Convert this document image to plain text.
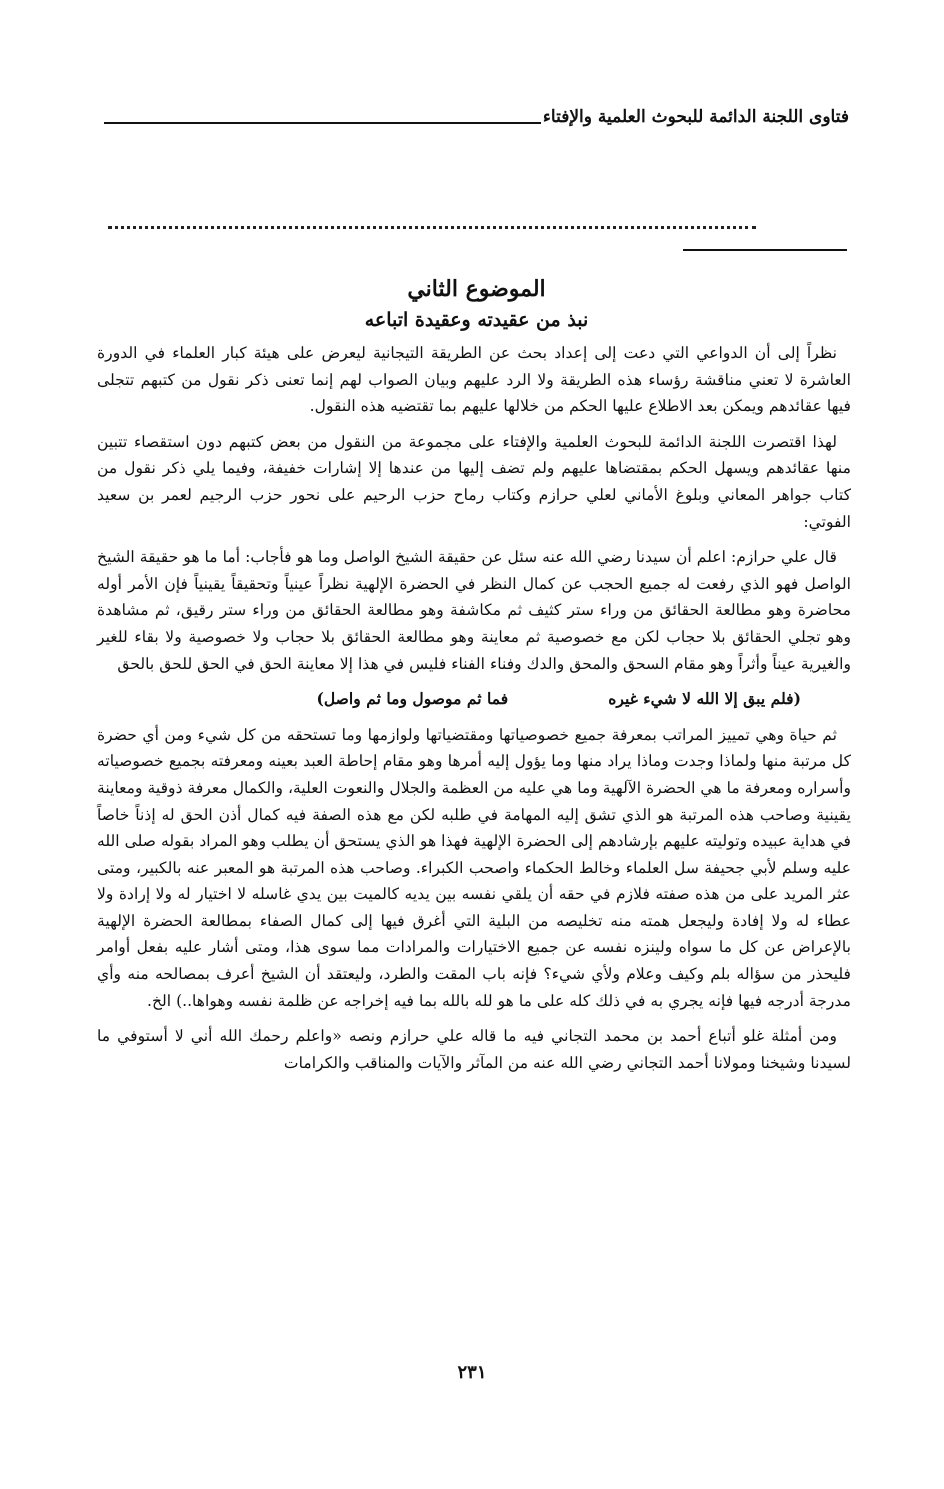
فتاوى اللجنة الدائمة للبحوث العلمية والإفتاء
الموضوع الثاني
نبذ من عقيدته وعقيدة اتباعه

نظراً إلى أن الدواعي التي دعت إلى إعداد بحث عن الطريقة التيجانية ليعرض على هيئة كبار العلماء في الدورة العاشرة لا تعني مناقشة رؤساء هذه الطريقة ولا الرد عليهم وبيان الصواب لهم إنما تعنى ذكر نقول من كتبهم تتجلى فيها عقائدهم ويمكن بعد الاطلاع عليها الحكم من خلالها عليهم بما تقتضيه هذه النقول.

لهذا اقتصرت اللجنة الدائمة للبحوث العلمية والإفتاء على مجموعة من النقول من بعض كتبهم دون استقصاء تتبين منها عقائدهم ويسهل الحكم بمقتضاها عليهم ولم تضف إليها من عندها إلا إشارات خفيفة، وفيما يلي ذكر نقول من كتاب جواهر المعاني وبلوغ الأماني لعلي حرازم وكتاب رماح حزب الرحيم على نحور حزب الرجيم لعمر بن سعيد الفوتي:

قال علي حرازم: اعلم أن سيدنا رضي الله عنه سئل عن حقيقة الشيخ الواصل وما هو فأجاب: أما ما هو حقيقة الشيخ الواصل فهو الذي رفعت له جميع الحجب عن كمال النظر في الحضرة الإلهية نظراً عينياً وتحقيقاً يقينياً فإن الأمر أوله محاضرة وهو مطالعة الحقائق من وراء ستر كثيف ثم مكاشفة وهو مطالعة الحقائق من وراء ستر رقيق، ثم مشاهدة وهو تجلي الحقائق بلا حجاب لكن مع خصوصية ثم معاينة وهو مطالعة الحقائق بلا حجاب ولا خصوصية ولا بقاء للغير والغيرية عيناً وأثراً وهو مقام السحق والمحق والدك وفناء الفناء فليس في هذا إلا معاينة الحق في الحق للحق بالحق

(فلم يبق إلا الله لا شيء غيره
فما ثم موصول وما ثم واصل)

ثم حياة وهي تمييز المراتب بمعرفة جميع خصوصياتها ومقتضياتها ولوازمها وما تستحقه من كل شيء ومن أي حضرة كل مرتبة منها ولماذا وجدت وماذا يراد منها وما يؤول إليه أمرها وهو مقام إحاطة العبد بعينه ومعرفته بجميع خصوصياته وأسراره ومعرفة ما هي الحضرة الآلهية وما هي عليه من العظمة والجلال والنعوت العلية، والكمال معرفة ذوقية ومعاينة يقينية وصاحب هذه المرتبة هو الذي تشق إليه المهامة في طلبه لكن مع هذه الصفة فيه كمال أذن الحق له إذناً خاصاً في هداية عبيده وتوليته عليهم بإرشادهم إلى الحضرة الإلهية فهذا هو الذي يستحق أن يطلب وهو المراد بقوله صلى الله عليه وسلم لأبي جحيفة سل العلماء وخالط الحكماء واصحب الكبراء. وصاحب هذه المرتبة هو المعبر عنه بالكبير، ومتى عثر المريد على من هذه صفته فلازم في حقه أن يلقي نفسه بين يديه كالميت بين يدي غاسله لا اختيار له ولا إرادة ولا عطاء له ولا إفادة وليجعل همته منه تخليصه من البلية التي أغرق فيها إلى كمال الصفاء بمطالعة الحضرة الإلهية بالإعراض عن كل ما سواه ولينزه نفسه عن جميع الاختيارات والمرادات مما سوى هذا، ومتى أشار عليه بفعل أوامر فليحذر من سؤاله بلم وكيف وعلام ولأي شيء؟ فإنه باب المقت والطرد، وليعتقد أن الشيخ أعرف بمصالحه منه وأي مدرجة أدرجه فيها فإنه يجري به في ذلك كله على ما هو لله بالله بما فيه إخراجه عن ظلمة نفسه وهواها..) الخ.

ومن أمثلة غلو أتباع أحمد بن محمد التجاني فيه ما قاله علي حرازم ونصه «واعلم رحمك الله أني لا أستوفي ما لسيدنا وشيخنا ومولانا أحمد التجاني رضي الله عنه من المآثر والآيات والمناقب والكرامات

٢٣١
